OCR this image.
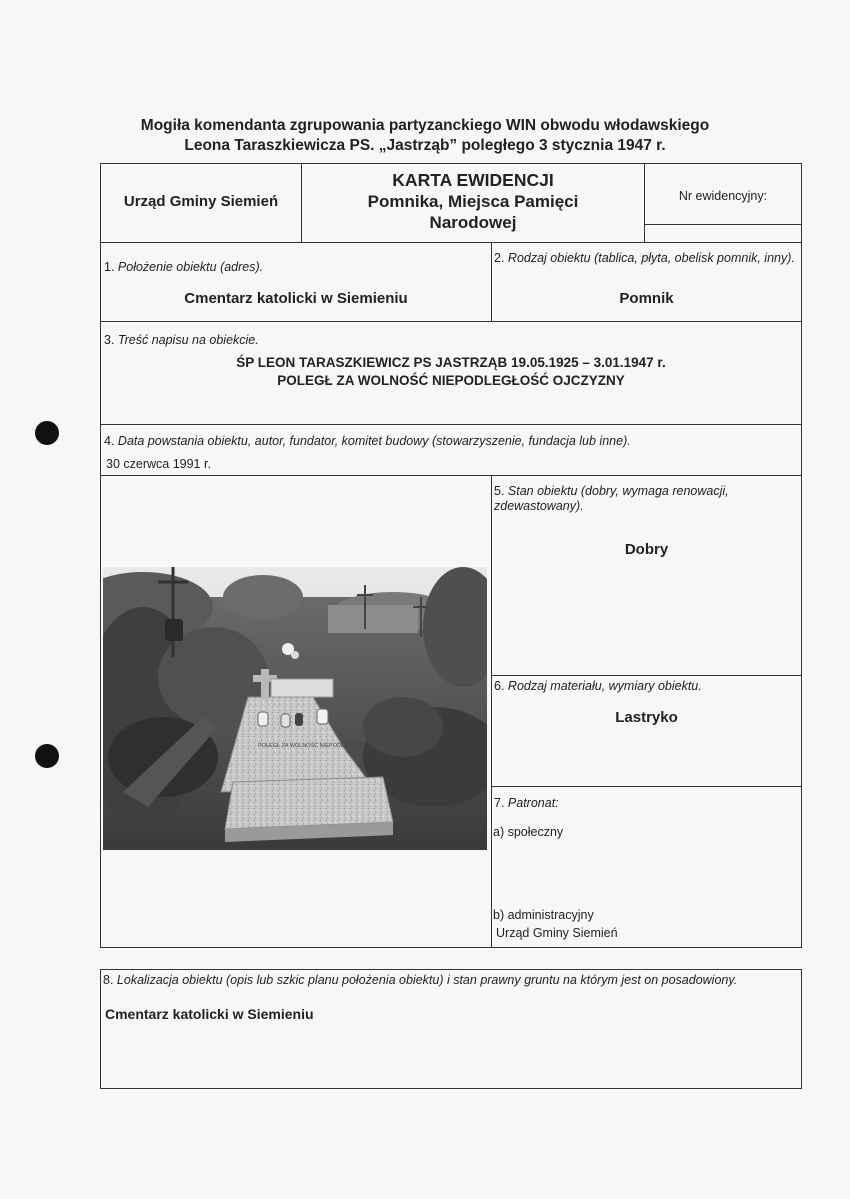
Mogiła komendanta zgrupowania partyzanckiego WIN obwodu włodawskiego
Leona Taraszkiewicza PS. „Jastrząb” poległego 3 stycznia 1947 r.
Urząd Gminy Siemień
KARTA EWIDENCJI
Pomnika, Miejsca Pamięci
Narodowej
Nr ewidencyjny:
1. Położenie obiektu (adres).
Cmentarz katolicki w Siemieniu
2. Rodzaj obiektu (tablica, płyta, obelisk pomnik, inny).
Pomnik
3. Treść napisu na obiekcie.
ŚP LEON TARASZKIEWICZ PS JASTRZĄB 19.05.1925 – 3.01.1947 r.
POLEGŁ ZA WOLNOŚĆ NIEPODLEGŁOŚĆ OJCZYZNY
4. Data powstania obiektu, autor, fundator, komitet budowy (stowarzyszenie, fundacja lub inne).
30 czerwca 1991 r.
POLEGŁ ZA WOLNOŚĆ NIEPODLEGŁOŚĆ OJCZYZNY
5. Stan obiektu (dobry, wymaga renowacji, zdewastowany).
Dobry
6. Rodzaj materiału, wymiary obiektu.
Lastryko
7. Patronat:
a) społeczny
b) administracyjny
Urząd Gminy Siemień
8. Lokalizacja obiektu (opis lub szkic planu położenia obiektu) i stan prawny gruntu na którym jest on posadowiony.
Cmentarz katolicki w Siemieniu
